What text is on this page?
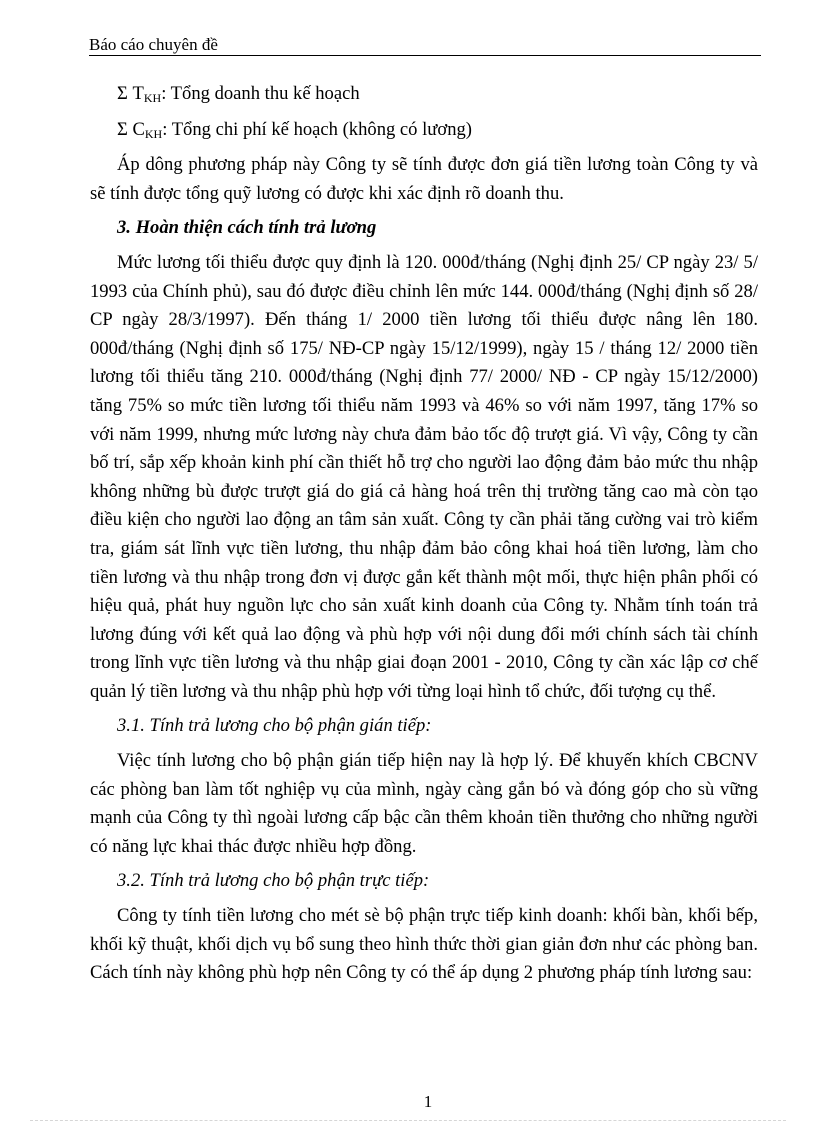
Báo cáo chuyên đề

Σ $T_{KH}$: Tổng doanh thu kế hoạch

Σ $C_{KH}$: Tổng chi phí kế hoạch (không có lương)

Áp dông phương pháp này Công ty sẽ tính được đơn giá tiền lương toàn Công ty và sẽ tính được tổng quỹ lương có được khi xác định rõ doanh thu.

3. Hoàn thiện cách tính trả lương

Mức lương tối thiểu được quy định là 120. 000đ/tháng (Nghị định 25/ CP ngày 23/ 5/ 1993 của Chính phủ), sau đó được điều chỉnh lên mức 144. 000đ/tháng (Nghị định số 28/ CP ngày 28/3/1997). Đến tháng 1/ 2000 tiền lương tối thiểu được nâng lên 180. 000đ/tháng (Nghị định số 175/ NĐ-CP ngày 15/12/1999), ngày 15 / tháng 12/ 2000 tiền lương tối thiểu tăng 210. 000đ/tháng (Nghị định 77/ 2000/ NĐ - CP ngày 15/12/2000) tăng 75% so mức tiền lương tối thiểu năm 1993 và 46% so với năm 1997, tăng 17% so với năm 1999, nhưng mức lương này chưa đảm bảo tốc độ trượt giá. Vì vậy, Công ty cần bố trí, sắp xếp khoản kinh phí cần thiết hỗ trợ cho người lao động đảm bảo mức thu nhập không những bù được trượt giá do giá cả hàng hoá trên thị trường tăng cao mà còn tạo điều kiện cho người lao động an tâm sản xuất. Công ty cần phải tăng cường vai trò kiểm tra, giám sát lĩnh vực tiền lương, thu nhập đảm bảo công khai hoá tiền lương, làm cho tiền lương và thu nhập trong đơn vị được gắn kết thành một mối, thực hiện phân phối có hiệu quả, phát huy nguồn lực cho sản xuất kinh doanh của Công ty. Nhằm tính toán trả lương đúng với kết quả lao động và phù hợp với nội dung đổi mới chính sách tài chính trong lĩnh vực tiền lương và thu nhập giai đoạn 2001 - 2010, Công ty cần xác lập cơ chế quản lý tiền lương và thu nhập phù hợp với từng loại hình tổ chức, đối tượng cụ thể.

3.1. Tính trả lương cho bộ phận gián tiếp:

Việc tính lương cho bộ phận gián tiếp hiện nay là hợp lý. Để khuyến khích CBCNV các phòng ban làm tốt nghiệp vụ của mình, ngày càng gắn bó và đóng góp cho sù vững mạnh của Công ty thì ngoài lương cấp bậc cần thêm khoản tiền thưởng cho những người có năng lực khai thác được nhiều hợp đồng.

3.2. Tính trả lương cho bộ phận trực tiếp:

Công ty tính tiền lương cho mét sè bộ phận trực tiếp kinh doanh: khối bàn, khối bếp, khối kỹ thuật, khối dịch vụ bổ sung theo hình thức thời gian giản đơn như các phòng ban. Cách tính này không phù hợp nên Công ty có thể áp dụng 2 phương pháp tính lương sau:

1
